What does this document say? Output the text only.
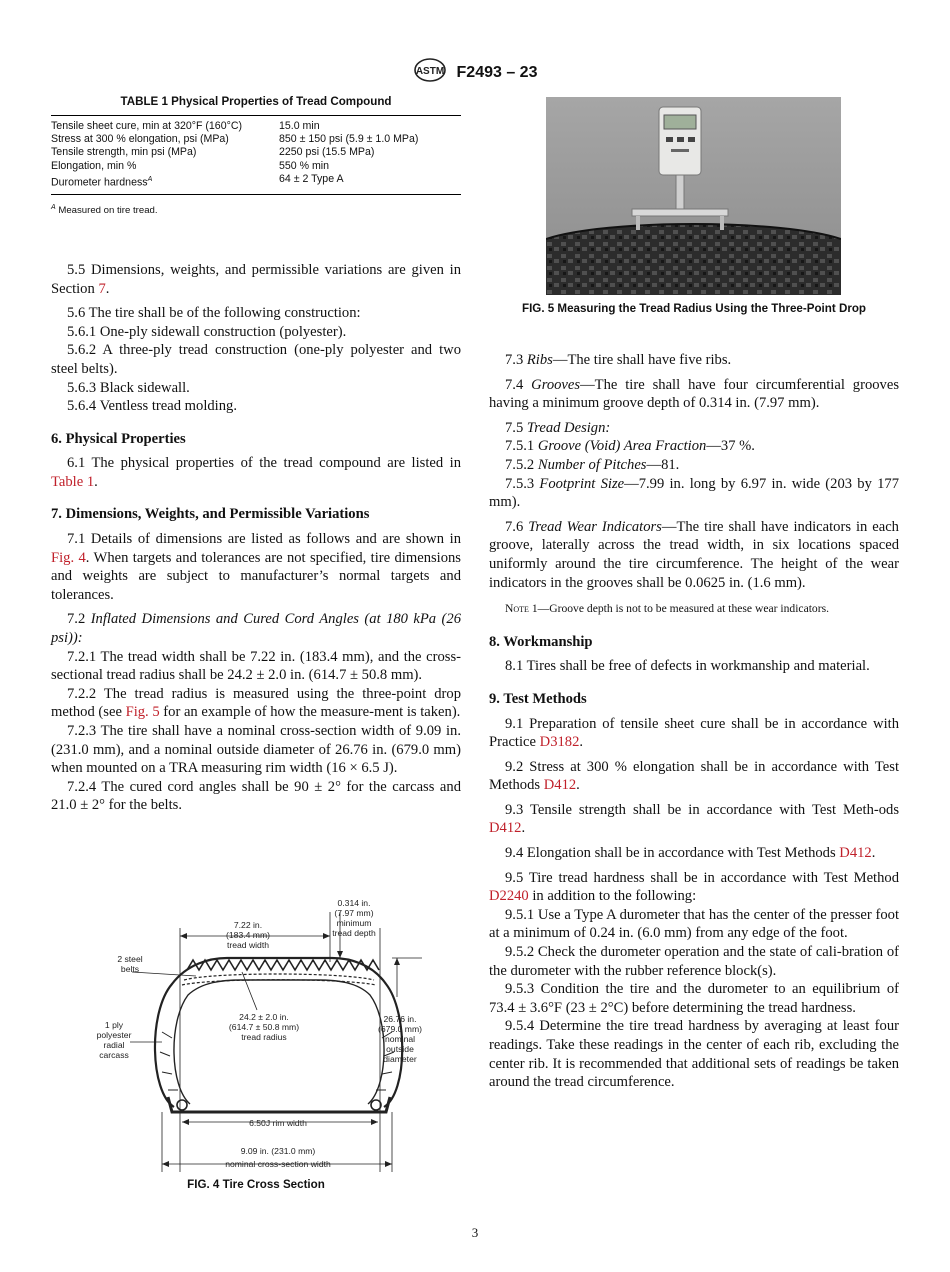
ASTM F2493 – 23
TABLE 1 Physical Properties of Tread Compound
Tensile sheet cure, min at 320°F (160°C)	15.0 min
Stress at 300 % elongation, psi (MPa)	850 ± 150 psi (5.9 ± 1.0 MPa)
Tensile strength, min psi (MPa)	2250 psi (15.5 MPa)
Elongation, min %	550 % min
Durometer hardness$^A$	64 ± 2 Type A
$^A$ Measured on tire tread.

5.5 Dimensions, weights, and permissible variations are given in Section 7.

5.6 The tire shall be of the following construction:

5.6.1 One-ply sidewall construction (polyester).

5.6.2 A three-ply tread construction (one-ply polyester and two steel belts).

5.6.3 Black sidewall.

5.6.4 Ventless tread molding.

6. Physical Properties

6.1 The physical properties of the tread compound are listed in Table 1.

7. Dimensions, Weights, and Permissible Variations

7.1 Details of dimensions are listed as follows and are shown in Fig. 4. When targets and tolerances are not specified, tire dimensions and weights are subject to manufacturer’s normal targets and tolerances.

7.2 Inflated Dimensions and Cured Cord Angles (at 180 kPa (26 psi)):

7.2.1 The tread width shall be 7.22 in. (183.4 mm), and the cross-sectional tread radius shall be 24.2 ± 2.0 in. (614.7 ± 50.8 mm).

7.2.2 The tread radius is measured using the three-point drop method (see Fig. 5 for an example of how the measure-ment is taken).

7.2.3 The tire shall have a nominal cross-section width of 9.09 in. (231.0 mm), and a nominal outside diameter of 26.76 in. (679.0 mm) when mounted on a TRA measuring rim width (16 × 6.5 J).

7.2.4 The cured cord angles shall be 90 ± 2° for the carcass and 21.0 ± 2° for the belts.

0.314 in.
(7.97 mm)
minimum
tread depth
7.22 in.
(183.4 mm)
tread width
2 steel
belts
1 ply
polyester
radial
carcass
24.2 ± 2.0 in.
(614.7 ± 50.8 mm)
tread radius
26.76 in.
(679.0 mm)
nominal
outside
diameter
6.50J rim width
9.09 in. (231.0 mm)
nominal cross-section width
FIG. 4 Tire Cross Section
FIG. 5 Measuring the Tread Radius Using the Three-Point Drop

7.3 Ribs—The tire shall have five ribs.

7.4 Grooves—The tire shall have four circumferential grooves having a minimum groove depth of 0.314 in. (7.97 mm).

7.5 Tread Design:

7.5.1 Groove (Void) Area Fraction—37 %.

7.5.2 Number of Pitches—81.

7.5.3 Footprint Size—7.99 in. long by 6.97 in. wide (203 by 177 mm).

7.6 Tread Wear Indicators—The tire shall have indicators in each groove, laterally across the tread width, in six locations spaced uniformly around the tire circumference. The height of the wear indicators in the grooves shall be 0.0625 in. (1.6 mm).

Note 1—Groove depth is not to be measured at these wear indicators.

8. Workmanship

8.1 Tires shall be free of defects in workmanship and material.

9. Test Methods

9.1 Preparation of tensile sheet cure shall be in accordance with Practice D3182.

9.2 Stress at 300 % elongation shall be in accordance with Test Methods D412.

9.3 Tensile strength shall be in accordance with Test Meth-ods D412.

9.4 Elongation shall be in accordance with Test Methods D412.

9.5 Tire tread hardness shall be in accordance with Test Method D2240 in addition to the following:

9.5.1 Use a Type A durometer that has the center of the presser foot at a minimum of 0.24 in. (6.0 mm) from any edge of the foot.

9.5.2 Check the durometer operation and the state of cali-bration of the durometer with the rubber reference block(s).

9.5.3 Condition the tire and the durometer to an equilibrium of 73.4 ± 3.6°F (23 ± 2°C) before determining the tread hardness.

9.5.4 Determine the tire tread hardness by averaging at least four readings. Take these readings in the center of each rib, excluding the center rib. It is recommended that additional sets of readings be taken around the tread circumference.

3
